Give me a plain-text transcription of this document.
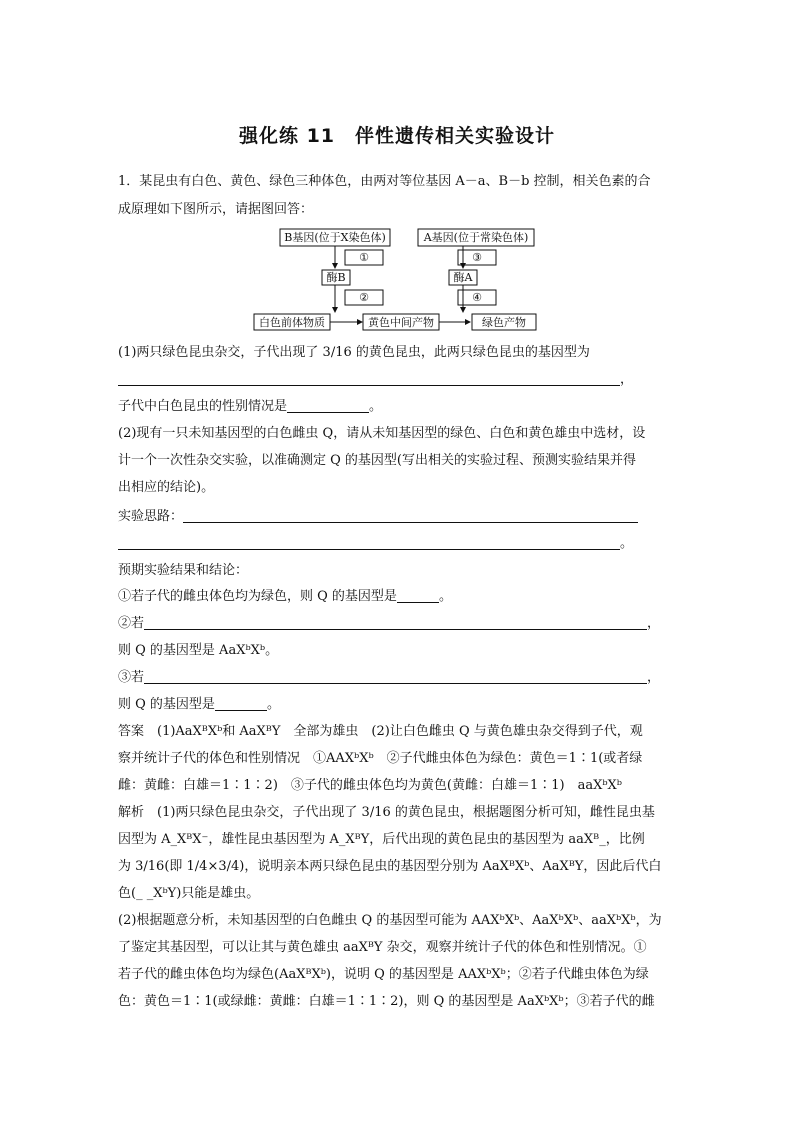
强化练 11　伴性遗传相关实验设计
1．某昆虫有白色、黄色、绿色三种体色，由两对等位基因 A－a、B－b 控制，相关色素的合
成原理如下图所示，请据图回答：
B基因(位于X染色体)	A基因(位于常染色体)
①
酶B
②
③
酶A
④
白色前体物质	黄色中间产物	绿色产物
(1)两只绿色昆虫杂交，子代出现了 3/16 的黄色昆虫，此两只绿色昆虫的基因型为
，
子代中白色昆虫的性别情况是	。
(2)现有一只未知基因型的白色雌虫 Q，请从未知基因型的绿色、白色和黄色雄虫中选材，设
计一个一次性杂交实验，以准确测定 Q 的基因型(写出相关的实验过程、预测实验结果并得
出相应的结论)。
实验思路：
。
预期实验结果和结论：
①若子代的雌虫体色均为绿色，则 Q 的基因型是	。
②若	，
则 Q 的基因型是 AaXᵇXᵇ。
③若	，
则 Q 的基因型是	。
答案　(1)AaXᴮXᵇ和 AaXᴮY　全部为雄虫　(2)让白色雌虫 Q 与黄色雄虫杂交得到子代，观
察并统计子代的体色和性别情况　①AAXᵇXᵇ　②子代雌虫体色为绿色：黄色＝1∶1(或者绿
雌：黄雌：白雄＝1∶1∶2)　③子代的雌虫体色均为黄色(黄雌：白雄＝1∶1)　aaXᵇXᵇ
解析　(1)两只绿色昆虫杂交，子代出现了 3/16 的黄色昆虫，根据题图分析可知，雌性昆虫基
因型为 A_XᴮX⁻，雄性昆虫基因型为 A_XᴮY，后代出现的黄色昆虫的基因型为 aaXᴮ_，比例
为 3/16(即 1/4×3/4)，说明亲本两只绿色昆虫的基因型分别为 AaXᴮXᵇ、AaXᴮY，因此后代白
色(_ _XᵇY)只能是雄虫。
(2)根据题意分析，未知基因型的白色雌虫 Q 的基因型可能为 AAXᵇXᵇ、AaXᵇXᵇ、aaXᵇXᵇ，为
了鉴定其基因型，可以让其与黄色雄虫 aaXᴮY 杂交，观察并统计子代的体色和性别情况。①
若子代的雌虫体色均为绿色(AaXᴮXᵇ)，说明 Q 的基因型是 AAXᵇXᵇ；②若子代雌虫体色为绿
色：黄色＝1∶1(或绿雌：黄雌：白雄＝1∶1∶2)，则 Q 的基因型是 AaXᵇXᵇ；③若子代的雌
